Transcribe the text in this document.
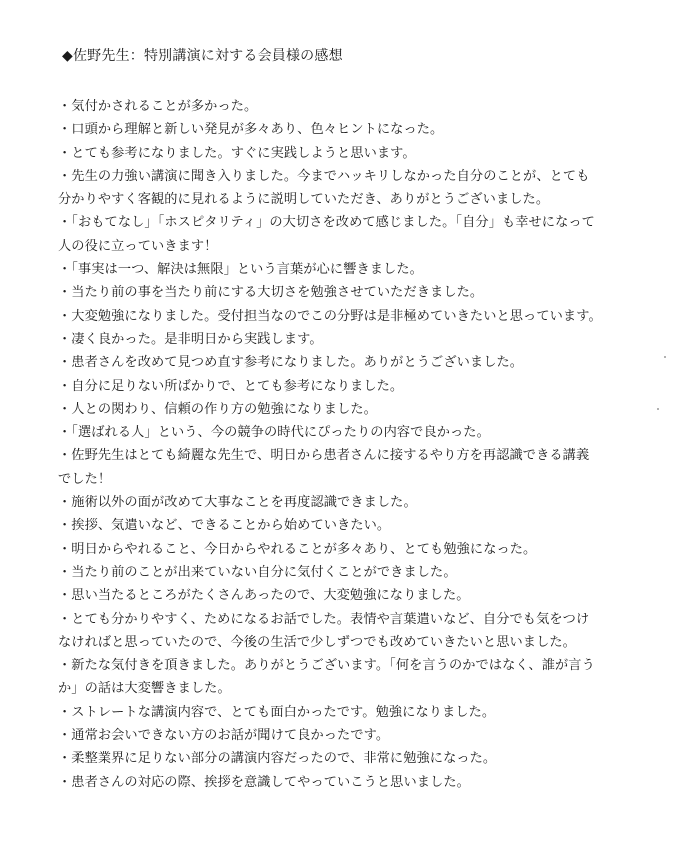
◆佐野先生：特別講演に対する会員様の感想
・気付かされることが多かった。
・口頭から理解と新しい発見が多々あり、色々ヒントになった。
・とても参考になりました。すぐに実践しようと思います。
・先生の力強い講演に聞き入りました。今までハッキリしなかった自分のことが、とても
分かりやすく客観的に見れるように説明していただき、ありがとうございました。
・「おもてなし」「ホスピタリティ」の大切さを改めて感じました。「自分」も幸せになって
人の役に立っていきます！
・「事実は一つ、解決は無限」という言葉が心に響きました。
・当たり前の事を当たり前にする大切さを勉強させていただきました。
・大変勉強になりました。受付担当なのでこの分野は是非極めていきたいと思っています。
・凄く良かった。是非明日から実践します。
・患者さんを改めて見つめ直す参考になりました。ありがとうございました。
・自分に足りない所ばかりで、とても参考になりました。
・人との関わり、信頼の作り方の勉強になりました。
・「選ばれる人」という、今の競争の時代にぴったりの内容で良かった。
・佐野先生はとても綺麗な先生で、明日から患者さんに接するやり方を再認識できる講義
でした！
・施術以外の面が改めて大事なことを再度認識できました。
・挨拶、気遣いなど、できることから始めていきたい。
・明日からやれること、今日からやれることが多々あり、とても勉強になった。
・当たり前のことが出来ていない自分に気付くことができました。
・思い当たるところがたくさんあったので、大変勉強になりました。
・とても分かりやすく、ためになるお話でした。表情や言葉遣いなど、自分でも気をつけ
なければと思っていたので、今後の生活で少しずつでも改めていきたいと思いました。
・新たな気付きを頂きました。ありがとうございます。「何を言うのかではなく、誰が言う
か」の話は大変響きました。
・ストレートな講演内容で、とても面白かったです。勉強になりました。
・通常お会いできない方のお話が聞けて良かったです。
・柔整業界に足りない部分の講演内容だったので、非常に勉強になった。
・患者さんの対応の際、挨拶を意識してやっていこうと思いました。
